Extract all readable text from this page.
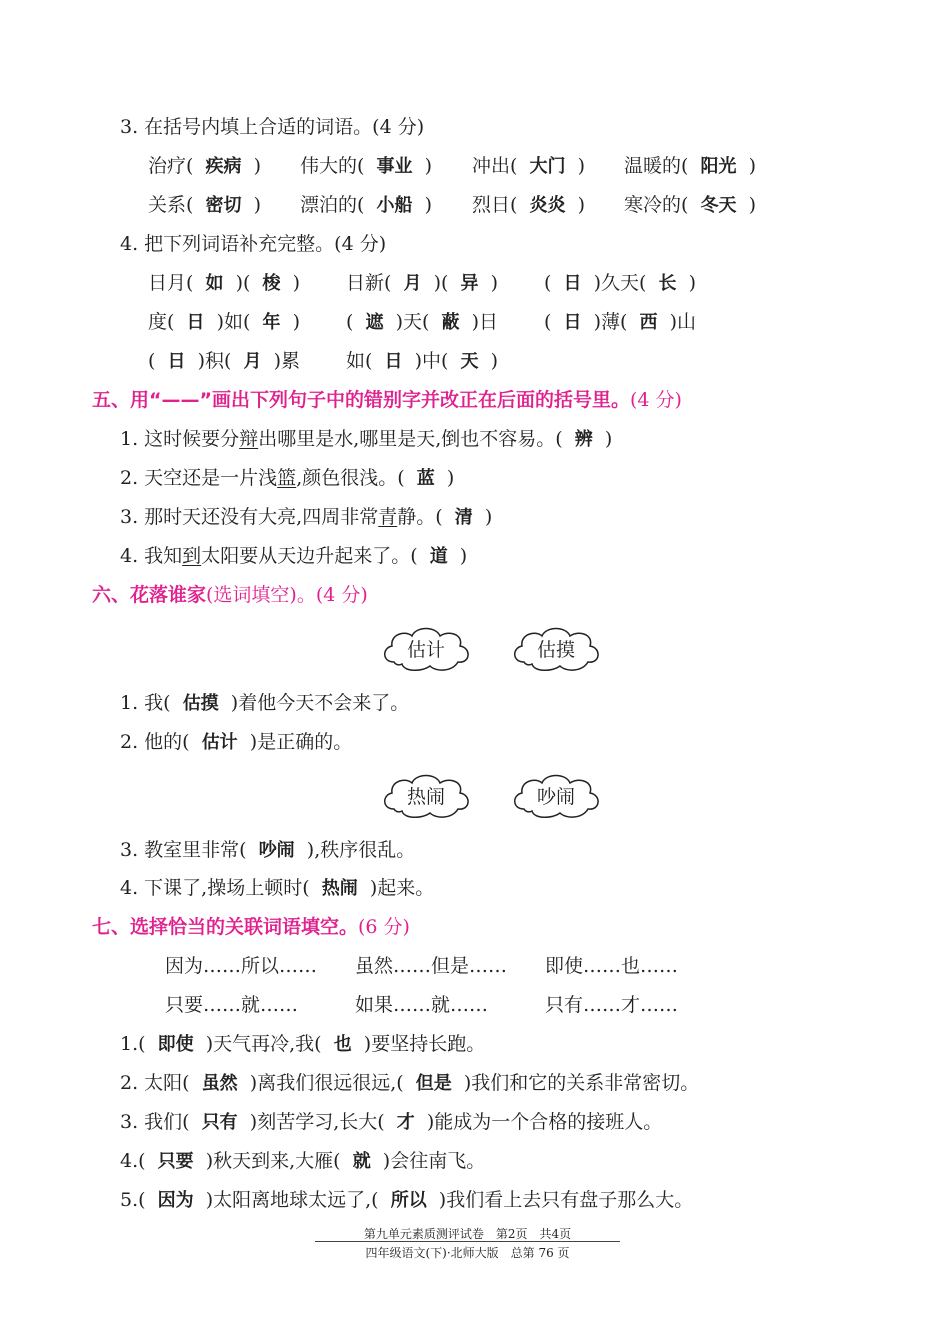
3. 在括号内填上合适的词语。(4 分)
治疗( 疾病 ) 伟大的( 事业 ) 冲出( 大门 ) 温暖的( 阳光 )
关系( 密切 ) 漂泊的( 小船 ) 烈日( 炎炎 ) 寒冷的( 冬天 )
4. 把下列词语补充完整。(4 分)
日月( 如 )( 梭 ) 日新( 月 )( 异 ) ( 日 )久天( 长 )
度( 日 )如( 年 ) ( 遮 )天( 蔽 )日 ( 日 )薄( 西 )山
( 日 )积( 月 )累 如( 日 )中( 天 )
五、用“——”画出下列句子中的错别字并改正在后面的括号里。(4 分)
1. 这时候要分辩出哪里是水,哪里是天,倒也不容易。( 辨 )
2. 天空还是一片浅篮,颜色很浅。( 蓝 )
3. 那时天还没有大亮,四周非常青静。( 清 )
4. 我知到太阳要从天边升起来了。( 道 )
六、花落谁家(选词填空)。(4 分)
估计	估摸
1. 我( 估摸 )着他今天不会来了。
2. 他的( 估计 )是正确的。
热闹	吵闹
3. 教室里非常( 吵闹 ),秩序很乱。
4. 下课了,操场上顿时( 热闹 )起来。
七、选择恰当的关联词语填空。(6 分)
因为……所以…… 虽然……但是…… 即使……也……
只要……就……	如果……就……	只有……才……
1.( 即使 )天气再冷,我( 也 )要坚持长跑。
2. 太阳( 虽然 )离我们很远很远,( 但是 )我们和它的关系非常密切。
3. 我们( 只有 )刻苦学习,长大( 才 )能成为一个合格的接班人。
4.( 只要 )秋天到来,大雁( 就 )会往南飞。
5.( 因为 )太阳离地球太远了,( 所以 )我们看上去只有盘子那么大。
第九单元素质测评试卷　第2页　共4页
四年级语文(下)·北师大版　总第 76 页
